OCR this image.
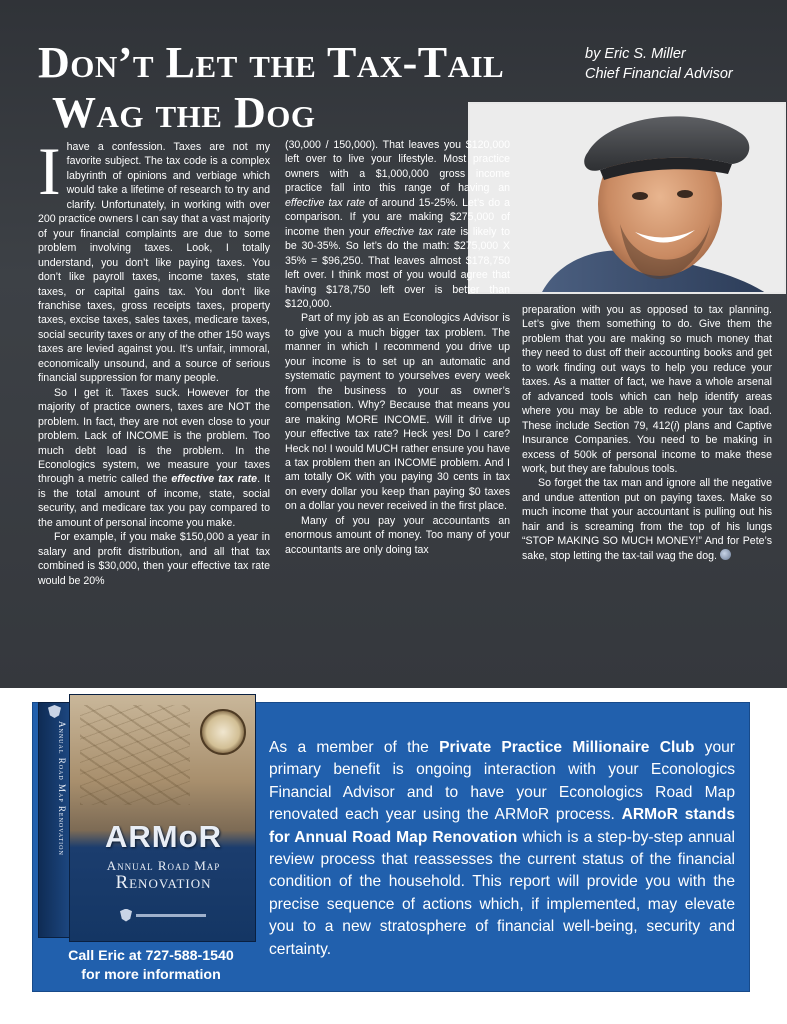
Don’t Let the Tax-Tail
Wag the Dog
by Eric S. Miller
Chief Financial Advisor

Ihave a confession. Taxes are not my favorite subject. The tax code is a complex labyrinth of opinions and verbiage which would take a lifetime of research to try and clarify. Unfortunately, in working with over 200 practice owners I can say that a vast majority of your financial complaints are due to some problem involving taxes. Look, I totally understand, you don’t like paying taxes. You don’t like payroll taxes, income taxes, state taxes, or capital gains tax. You don’t like franchise taxes, gross receipts taxes, property taxes, excise taxes, sales taxes, medicare taxes, social security taxes or any of the other 150 ways taxes are levied against you. It’s unfair, immoral, economically unsound, and a source of serious financial suppression for many people.

So I get it. Taxes suck. However for the majority of practice owners, taxes are NOT the problem. In fact, they are not even close to your problem. Lack of INCOME is the problem. Too much debt load is the problem. In the Econologics system, we measure your taxes through a metric called the effective tax rate. It is the total amount of income, state, social security, and medicare tax you pay compared to the amount of personal income you make.

For example, if you make $150,000 a year in salary and profit distribution, and all that tax combined is $30,000, then your effective tax rate would be 20%

(30,000 / 150,000). That leaves you $120,000 left over to live your lifestyle. Most practice owners with a $1,000,000 gross income practice fall into this range of having an effective tax rate of around 15-25%. Let’s do a comparison. If you are making $275,000 of income then your effective tax rate is likely to be 30-35%. So let’s do the math: $275,000 X 35% = $96,250. That leaves almost $178,750 left over. I think most of you would agree that having $178,750 left over is better than $120,000.

Part of my job as an Econologics Advisor is to give you a much bigger tax problem. The manner in which I recommend you drive up your income is to set up an automatic and systematic payment to yourselves every week from the business to your as owner’s compensation. Why? Because that means you are making MORE INCOME. Will it drive up your effective tax rate? Heck yes! Do I care? Heck no! I would MUCH rather ensure you have a tax problem then an INCOME problem. And I am totally OK with you paying 30 cents in tax on every dollar you keep than paying $0 taxes on a dollar you never received in the first place.

Many of you pay your accountants an enormous amount of money. Too many of your accountants are only doing tax

preparation with you as opposed to tax planning. Let’s give them something to do. Give them the problem that you are making so much money that they need to dust off their accounting books and get to work finding out ways to help you reduce your taxes. As a matter of fact, we have a whole arsenal of advanced tools which can help identify areas where you may be able to reduce your tax load. These include Section 79, 412(i) plans and Captive Insurance Companies. You need to be making in excess of 500k of personal income to make these work, but they are fabulous tools.

So forget the tax man and ignore all the negative and undue attention put on paying taxes. Make so much income that your accountant is pulling out his hair and is screaming from the top of his lungs “STOP MAKING SO MUCH MONEY!” And for Pete’s sake, stop letting the tax-tail wag the dog.

As a member of the Private Practice Millionaire Club your primary benefit is ongoing interaction with your Econologics Financial Advisor and to have your Econologics Road Map renovated each year using the ARMoR process. ARMoR stands for Annual Road Map Renovation which is a step-by-step annual review process that reassesses the current status of the financial condition of the household. This report will provide you with the precise sequence of actions which, if implemented, may elevate you to a new stratosphere of financial well-being, security and certainty.
Call Eric at 727-588-1540
for more information
Annual Road Map Renovation	ARMoR
Annual Road Map
Renovation
